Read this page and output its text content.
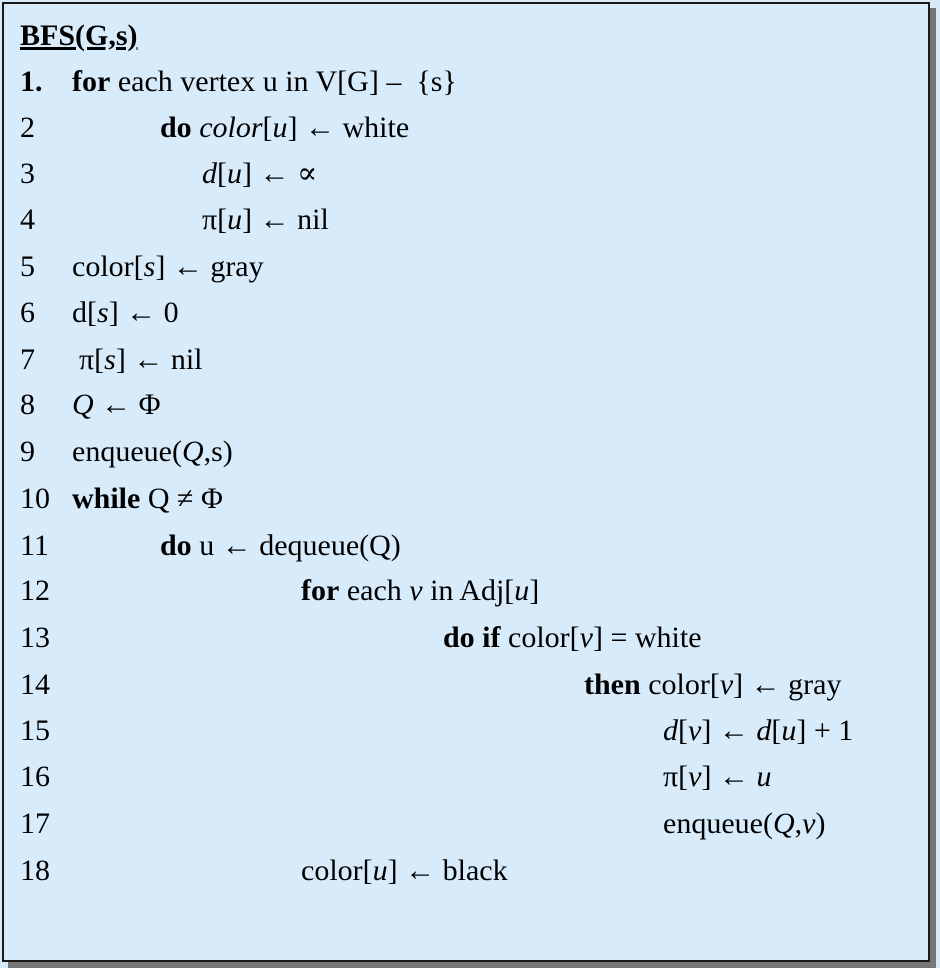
BFS(G,s)
1. for each vertex u in V[G] –  {s}
2	do color[u] ← white
3	d[u] ← ∝
4	π[u] ← nil
5 color[s] ← gray
6 d[s] ← 0
7 π[s] ← nil
8 Q ← Φ
9 enqueue(Q,s)
10 while Q ≠ Φ
11	do u ← dequeue(Q)
12	for each v in Adj[u]
13	do if color[v] = white
14	then color[v] ← gray
15	d[v] ← d[u] + 1
16	π[v] ← u
17	enqueue(Q,v)
18	color[u] ← black
